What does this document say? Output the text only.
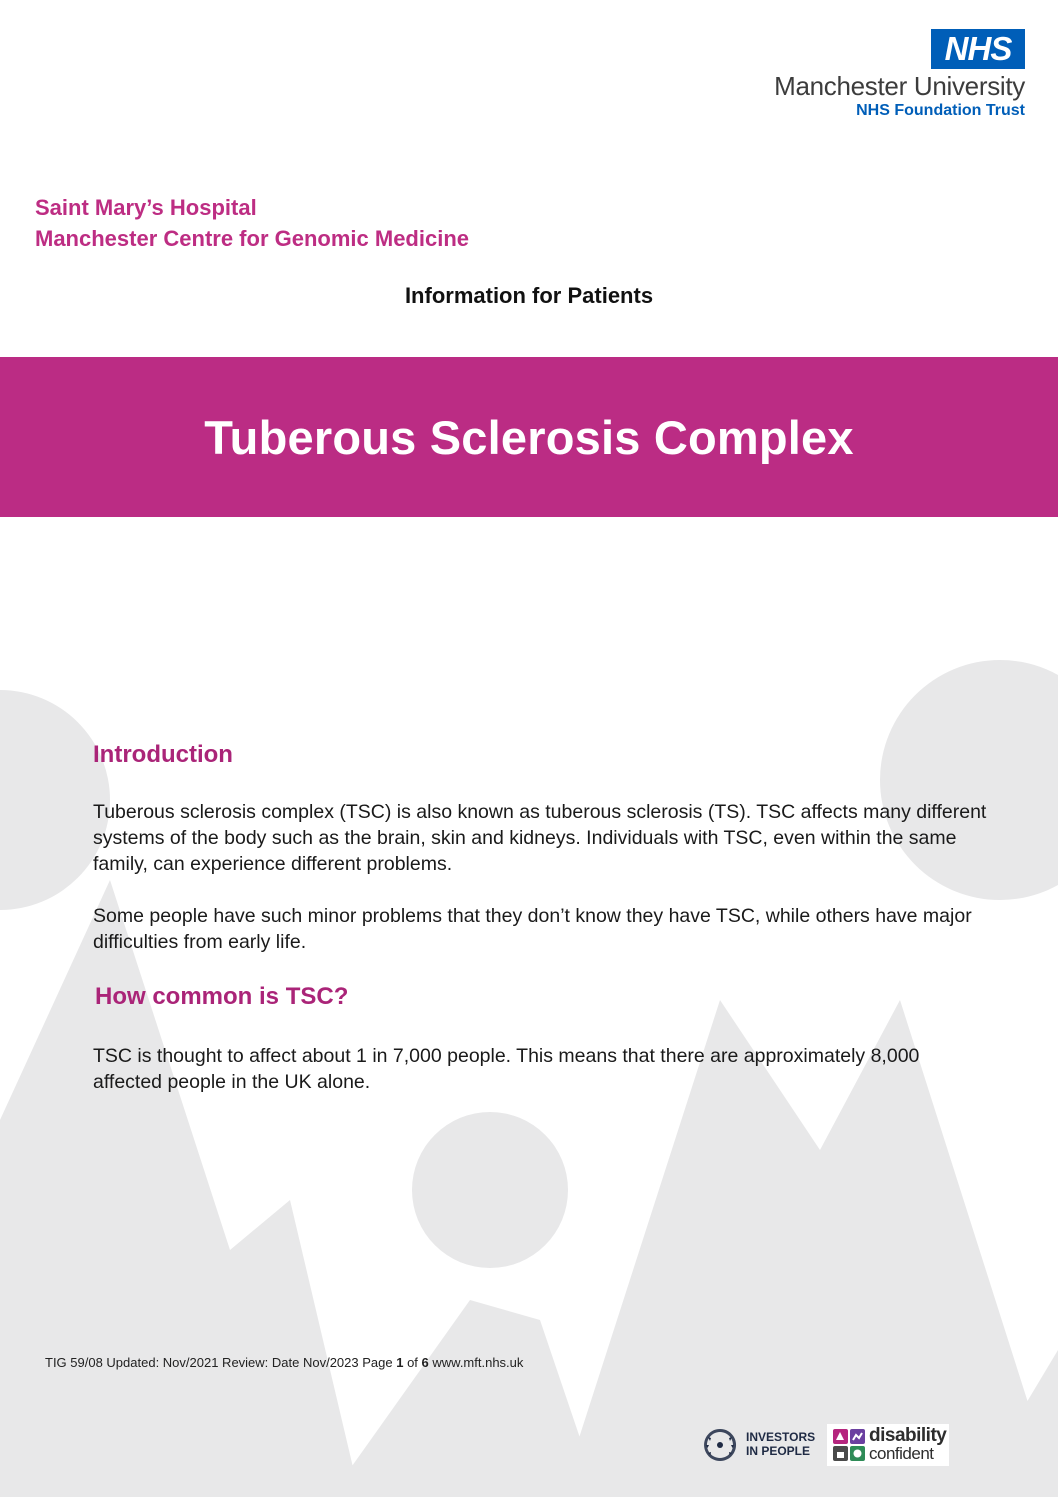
NHS
Manchester University
NHS Foundation Trust
Saint Mary’s Hospital
Manchester Centre for Genomic Medicine
Information for Patients
Tuberous Sclerosis Complex
Introduction

Tuberous sclerosis complex (TSC) is also known as tuberous sclerosis (TS). TSC affects many different systems of the body such as the brain, skin and kidneys. Individuals with TSC, even within the same family, can experience different problems.

Some people have such minor problems that they don’t know they have TSC, while others have major difficulties from early life.

How common is TSC?

TSC is thought to affect about 1 in 7,000 people. This means that there are approximately 8,000 affected people in the UK alone.

TIG 59/08 Updated: Nov/2021 Review: Date Nov/2023 Page 1 of 6 www.mft.nhs.uk
INVESTORS
IN PEOPLE
disability
confident
